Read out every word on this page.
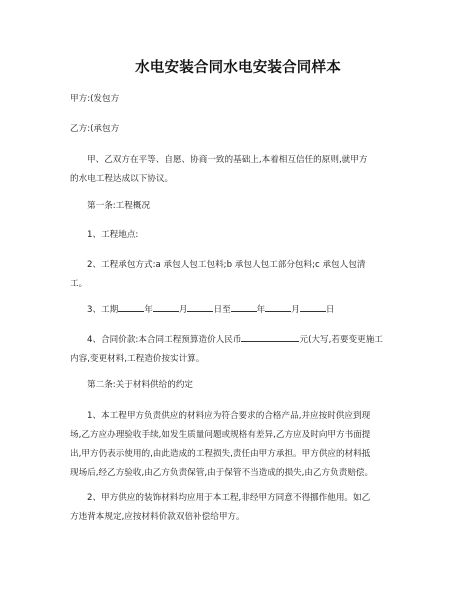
水电安装合同水电安装合同样本

甲方:(发包方

乙方:(承包方

甲、乙双方在平等、自愿、协商一致的基础上,本着相互信任的原则,就甲方
的水电工程达成以下协议。
第一条:工程概况
1、工程地点:
2、工程承包方式:a 承包人包工包料;b 承包人包工部分包料;c 承包人包清
工。
3、工期	年	月	日至	年	月	日
4、合同价款:本合同工程预算造价人民币	元(大写,若要变更施工
内容,变更材料,工程造价按实计算。
第二条:关于材料供给的约定
1、本工程甲方负责供应的材料应为符合要求的合格产品,并应按时供应到现
场,乙方应办理验收手续,如发生质量问题或规格有差异,乙方应及时向甲方书面提
出,甲方仍表示使用的,由此造成的工程损失,责任由甲方承担。甲方供应的材料抵
现场后,经乙方验收,由乙方负责保管,由于保管不当造成的损失,由乙方负责赔偿。
2、甲方供应的装饰材料均应用于本工程,非经甲方同意不得挪作他用。如乙
方违背本规定,应按材料价款双倍补偿给甲方。
